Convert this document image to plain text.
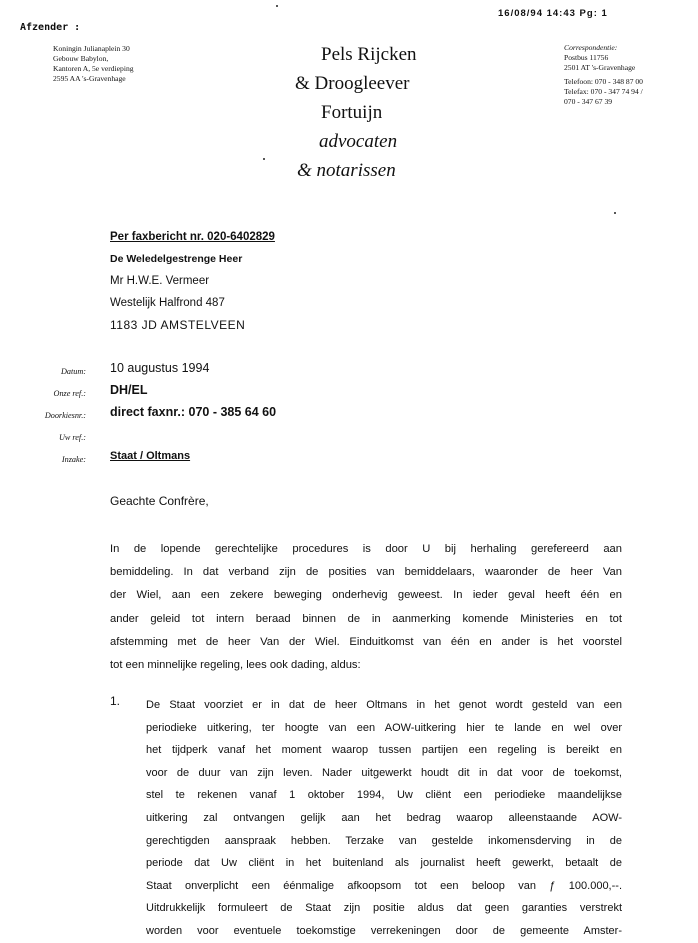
16/08/94 14:43 Pg: 1
Afzender :
Koningin Julianaplein 30
Gebouw Babylon,
Kantoren A, 5e verdieping
2595 AA 's-Gravenhage
Pels Rijcken
& Droogleever
Fortuijn
advocaten
& notarissen
Correspondentie:
Postbus 11756
2501 AT 's-Gravenhage
Telefoon: 070 - 348 87 00
Telefax: 070 - 347 74 94 /
070 - 347 67 39
Per faxbericht nr. 020-6402829
De Weledelgestrenge Heer
Mr H.W.E. Vermeer
Westelijk Halfrond 487
1183 JD AMSTELVEEN
Datum:
Onze ref.:
Doorkiesnr.:
Uw ref.:
Inzake:
10 augustus 1994
DH/EL
direct faxnr.: 070 - 385 64 60
Staat / Oltmans
Geachte Confrère,
In de lopende gerechtelijke procedures is door U bij herhaling gerefereerd aan
bemiddeling. In dat verband zijn de posities van bemiddelaars, waaronder de heer Van
der Wiel, aan een zekere beweging onderhevig geweest. In ieder geval heeft één en
ander geleid tot intern beraad binnen de in aanmerking komende Ministeries en tot
afstemming met de heer Van der Wiel. Einduitkomst van één en ander is het voorstel
tot een minnelijke regeling, lees ook dading, aldus:
1. De Staat voorziet er in dat de heer Oltmans in het genot wordt gesteld van een
periodieke uitkering, ter hoogte van een AOW-uitkering hier te lande en wel over
het tijdperk vanaf het moment waarop tussen partijen een regeling is bereikt en
voor de duur van zijn leven. Nader uitgewerkt houdt dit in dat voor de toekomst,
stel te rekenen vanaf 1 oktober 1994, Uw cliënt een periodieke maandelijkse
uitkering zal ontvangen gelijk aan het bedrag waarop alleenstaande AOW-
gerechtigden aanspraak hebben. Terzake van gestelde inkomensderving in de
periode dat Uw cliënt in het buitenland als journalist heeft gewerkt, betaalt de
Staat onverplicht een éénmalige afkoopsom tot een beloop van ƒ 100.000,--.
Uitdrukkelijk formuleert de Staat zijn positie aldus dat geen garanties verstrekt
worden voor eventuele toekomstige verrekeningen door de gemeente Amster-
